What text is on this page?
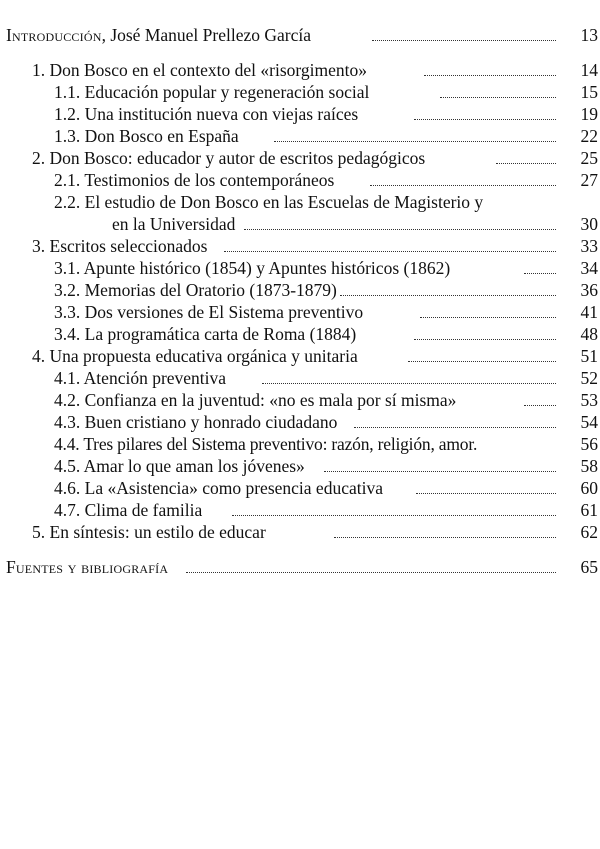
Introducción, José Manuel Prellezo García	13
1. Don Bosco en el contexto del «risorgimento»	14
1.1. Educación popular y regeneración social	15
1.2. Una institución nueva con viejas raíces	19
1.3. Don Bosco en España	22
2. Don Bosco: educador y autor de escritos pedagógicos	25
2.1. Testimonios de los contemporáneos	27
2.2. El estudio de Don Bosco en las Escuelas de Magisterio y
en la Universidad	30
3. Escritos seleccionados	33
3.1. Apunte histórico (1854) y Apuntes históricos (1862)	34
3.2. Memorias del Oratorio (1873-1879)	36
3.3. Dos versiones de El Sistema preventivo	41
3.4. La programática carta de Roma (1884)	48
4. Una propuesta educativa orgánica y unitaria	51
4.1. Atención preventiva	52
4.2. Confianza en la juventud: «no es mala por sí misma»	53
4.3. Buen cristiano y honrado ciudadano	54
4.4. Tres pilares del Sistema preventivo: razón, religión, amor.	56
4.5. Amar lo que aman los jóvenes»	58
4.6. La «Asistencia» como presencia educativa	60
4.7. Clima de familia	61
5. En síntesis: un estilo de educar	62
Fuentes y bibliografía	65
